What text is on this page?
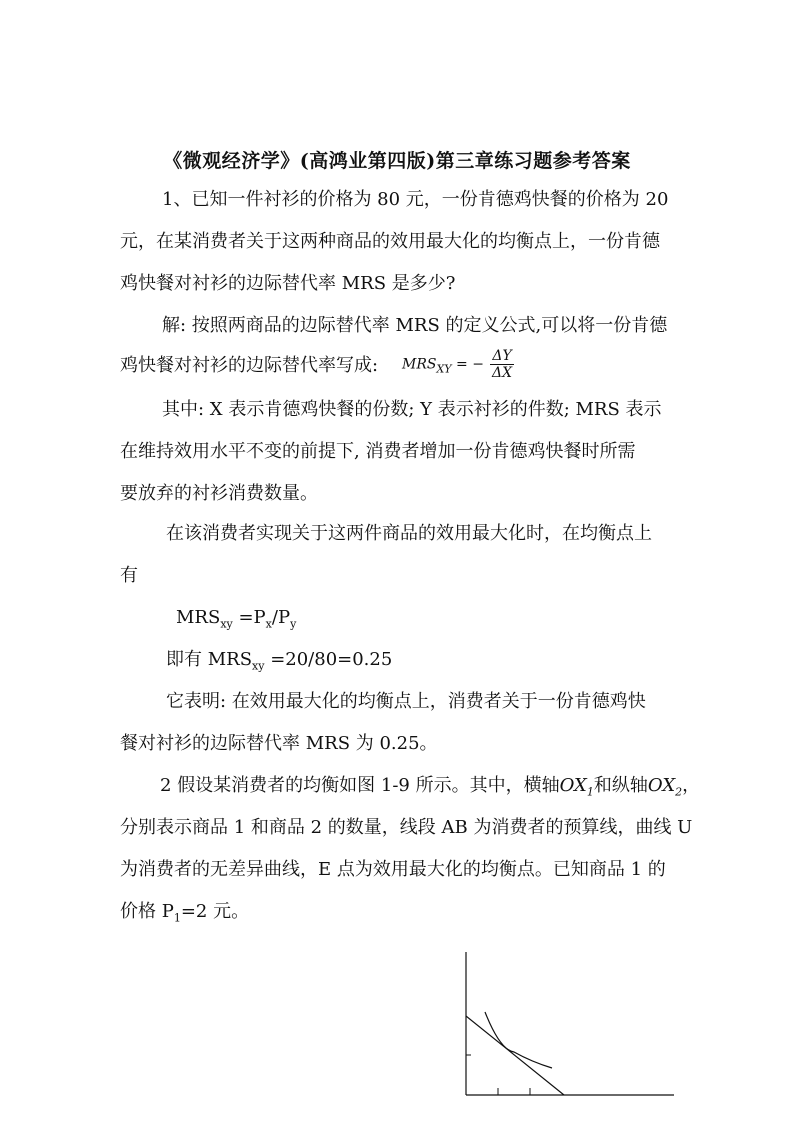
《微观经济学》(高鸿业第四版)第三章练习题参考答案
1、已知一件衬衫的价格为 80 元，一份肯德鸡快餐的价格为 20
元，在某消费者关于这两种商品的效用最大化的均衡点上，一份肯德
鸡快餐对衬衫的边际替代率 MRS 是多少?
解: 按照两商品的边际替代率 MRS 的定义公式,可以将一份肯德
鸡快餐对衬衫的边际替代率写成: $MRS_{XY}$ = − $\frac{\Delta Y}{\Delta X}$
其中: X 表示肯德鸡快餐的份数; Y 表示衬衫的件数; MRS 表示
在维持效用水平不变的前提下, 消费者增加一份肯德鸡快餐时所需
要放弃的衬衫消费数量。
在该消费者实现关于这两件商品的效用最大化时，在均衡点上
有
$MRS_{xy} =P_x/P_y$
即有 $MRS_{xy} =20/80=0.25$
它表明: 在效用最大化的均衡点上，消费者关于一份肯德鸡快
餐对衬衫的边际替代率 MRS 为 0.25。
2 假设某消费者的均衡如图 1-9 所示。其中，横轴$OX_1$和纵轴$OX_2$，
分别表示商品 1 和商品 2 的数量，线段 AB 为消费者的预算线，曲线 U
为消费者的无差异曲线，E 点为效用最大化的均衡点。已知商品 1 的
价格 $P_1=2$ 元。
